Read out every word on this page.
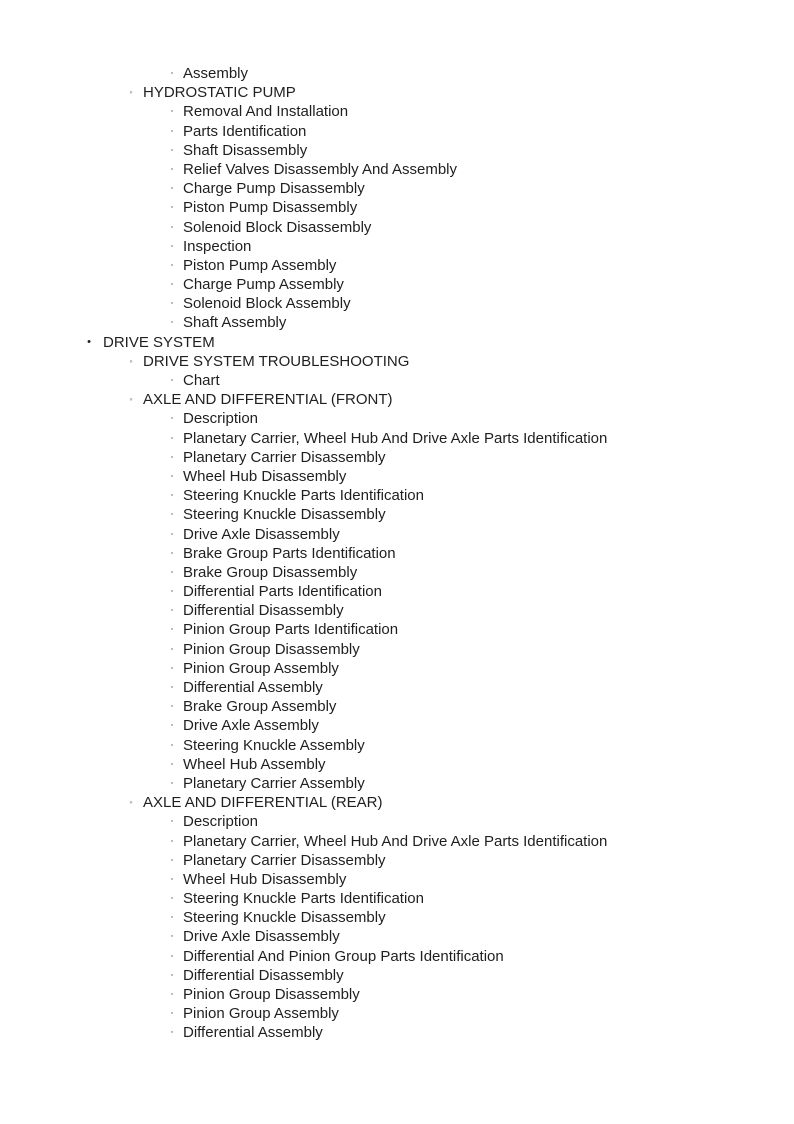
▫ Assembly
◦ HYDROSTATIC PUMP
▫ Removal And Installation
▫ Parts Identification
▫ Shaft Disassembly
▫ Relief Valves Disassembly And Assembly
▫ Charge Pump Disassembly
▫ Piston Pump Disassembly
▫ Solenoid Block Disassembly
▫ Inspection
▫ Piston Pump Assembly
▫ Charge Pump Assembly
▫ Solenoid Block Assembly
▫ Shaft Assembly
• DRIVE SYSTEM
◦ DRIVE SYSTEM TROUBLESHOOTING
▫ Chart
◦ AXLE AND DIFFERENTIAL (FRONT)
▫ Description
▫ Planetary Carrier, Wheel Hub And Drive Axle Parts Identification
▫ Planetary Carrier Disassembly
▫ Wheel Hub Disassembly
▫ Steering Knuckle Parts Identification
▫ Steering Knuckle Disassembly
▫ Drive Axle Disassembly
▫ Brake Group Parts Identification
▫ Brake Group Disassembly
▫ Differential Parts Identification
▫ Differential Disassembly
▫ Pinion Group Parts Identification
▫ Pinion Group Disassembly
▫ Pinion Group Assembly
▫ Differential Assembly
▫ Brake Group Assembly
▫ Drive Axle Assembly
▫ Steering Knuckle Assembly
▫ Wheel Hub Assembly
▫ Planetary Carrier Assembly
◦ AXLE AND DIFFERENTIAL (REAR)
▫ Description
▫ Planetary Carrier, Wheel Hub And Drive Axle Parts Identification
▫ Planetary Carrier Disassembly
▫ Wheel Hub Disassembly
▫ Steering Knuckle Parts Identification
▫ Steering Knuckle Disassembly
▫ Drive Axle Disassembly
▫ Differential And Pinion Group Parts Identification
▫ Differential Disassembly
▫ Pinion Group Disassembly
▫ Pinion Group Assembly
▫ Differential Assembly
